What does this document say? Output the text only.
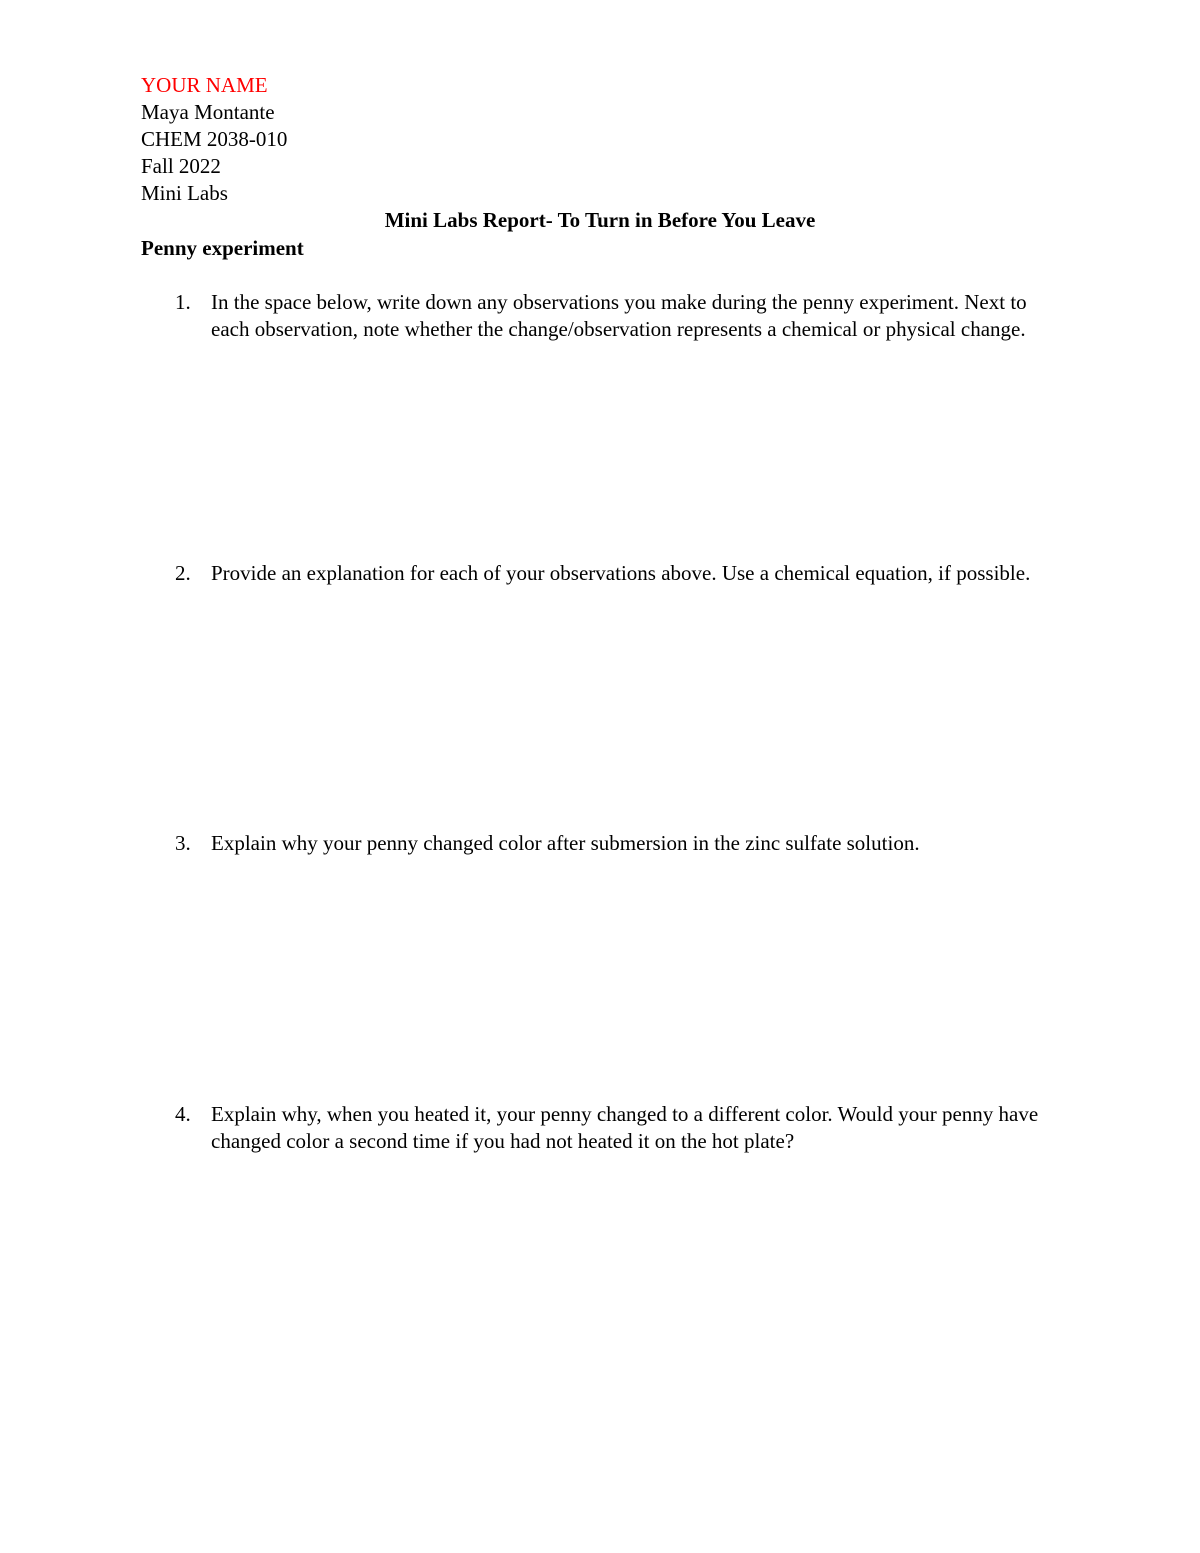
YOUR NAME
Maya Montante
CHEM 2038-010
Fall 2022
Mini Labs
Mini Labs Report- To Turn in Before You Leave
Penny experiment
1. In the space below, write down any observations you make during the penny experiment. Next to each observation, note whether the change/observation represents a chemical or physical change.
2. Provide an explanation for each of your observations above. Use a chemical equation, if possible.
3. Explain why your penny changed color after submersion in the zinc sulfate solution.
4. Explain why, when you heated it, your penny changed to a different color. Would your penny have changed color a second time if you had not heated it on the hot plate?
